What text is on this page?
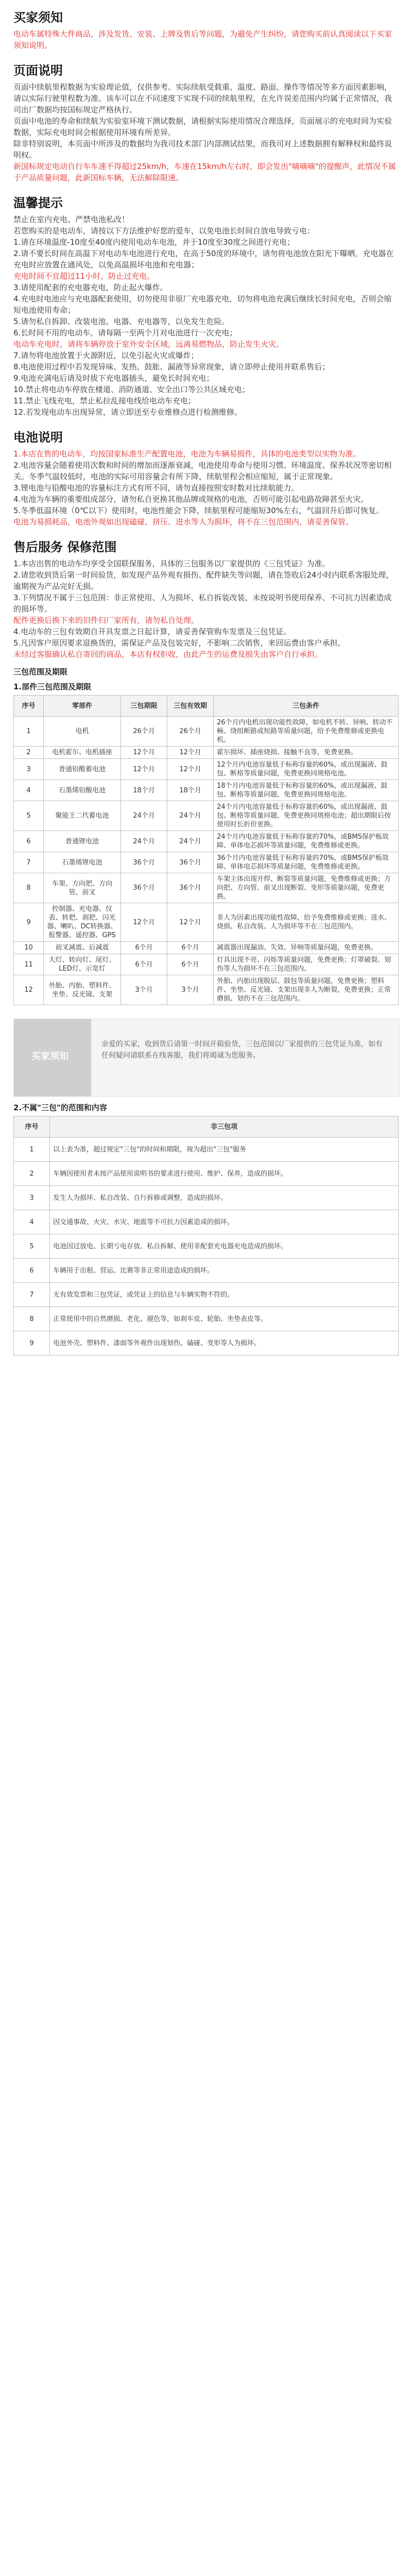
买家须知

电动车属特殊大件商品，涉及发货、安装、上牌及售后等问题，为避免产生纠纷，请您购买前认真阅读以下买家须知说明。

页面说明

页面中续航里程数据为实验理论值，仅供参考。实际续航受载重、温度、路面、操作等情况等多方面因素影响，请以实际行驶里程数为准。该车可以在不同速度下实现不同的续航里程，在允许误差范围内均属于正常情况，我司出厂数据均按国标规定严格执行。

页面中电池的寿命和续航为实验室环境下测试数据，请根据实际使用情况合理选择，页面展示的充电时间为实验数据，实际充电时间会根据使用环境有所差异。

除非特别说明，本页面中所涉及的数据均为我司技术部门内部测试结果，而我司对上述数据拥有解释权和最终说明权。

新国标规定电动自行车车速不得超过25km/h，车速在15km/h左右时，即会发出"嘀嘀嘀"的提醒声，此情况不属于产品质量问题，此新国标车辆，无法解除限速。

温馨提示

禁止在室内充电、严禁电池私改！

若您购买的是电动车，请按以下方法维护好您的爱车，以免电池长时间自放电导致亏电：

1.请在环境温度-10度至40度内使用电动车电池，并于10度至30度之间进行充电；

2.请不要长时间在高温下对电动车电池进行充电，在高于50度的环境中，请勿将电池放在阳光下曝晒，充电器在充电时应放置在通风处，以免高温损坏电池和充电器；

充电时间不宜超过11小时，防止过充电。

3.请使用配套的充电器充电，防止起火爆炸。

4.充电时电池应与充电器配套使用，切勿使用非原厂充电器充电，切勿将电池充满后继续长时间充电，否则会缩短电池使用寿命；

5.请勿私自拆卸、改装电池、电器、充电器等，以免发生危险。

6.长时间不用的电动车，请每隔一至两个月对电池进行一次充电；

电动车充电时，请将车辆停放于室外安全区域，远离易燃物品，防止发生火灾。

7.请勿将电池放置于火源附近，以免引起火灾或爆炸；

8.电池使用过程中若发现异味、发热、鼓胀、漏液等异常现象，请立即停止使用并联系售后；

9.电池充满电后请及时拔下充电器插头，避免长时间充电；

10.禁止将电动车停放在楼道、消防通道、安全出口等公共区域充电；

11.禁止飞线充电，禁止私拉乱接电线给电动车充电；

12.若发现电动车出现异常，请立即送至专业维修点进行检测维修。

电池说明

1.本店在售的电动车，均按国家标准生产配置电池，电池为车辆易损件，具体的电池类型以实物为准。

2.电池容量会随着使用次数和时间的增加而逐渐衰减，电池使用寿命与使用习惯、环境温度、保养状况等密切相关。冬季气温较低时，电池的实际可用容量会有所下降，续航里程会相应缩短，属于正常现象。

3.锂电池与铅酸电池的容量标注方式有所不同，请勿直接按照安时数对比续航能力。

4.电池为车辆的重要组成部分，请勿私自更换其他品牌或规格的电池，否则可能引起电路故障甚至火灾。

5.冬季低温环境（0℃以下）使用时，电池性能会下降，续航里程可能缩短30%左右，气温回升后即可恢复。

电池为易损耗品，电池外观如出现磕碰、挤压、进水等人为损坏，将不在三包范围内，请妥善保管。

售后服务 保修范围

1.本店出售的电动车均享受全国联保服务，具体的三包服务以厂家提供的《三包凭证》为准。

2.请您收到货后第一时间验货，如发现产品外观有损伤、配件缺失等问题，请在签收后24小时内联系客服处理，逾期视为产品完好无损。

3.下列情况不属于三包范围：非正常使用、人为损坏、私自拆装改装、未按说明书使用保养、不可抗力因素造成的损坏等。

配件更换后换下来的旧件归厂家所有，请勿私自处理。

4.电动车的三包有效期自开具发票之日起计算，请妥善保管购车发票及三包凭证。

5.凡因客户原因要求退换货的，需保证产品及包装完好，不影响二次销售，来回运费由客户承担。

未经过客服确认私自寄回的商品，本店有权拒收，由此产生的运费及损失由客户自行承担。

三包范围及期限
1.部件三包范围及期限
序号	零部件	三包期限	三包有效期	三包条件
1	电机	26个月	26个月	26个月内电机出现功能性故障，如电机不转、异响、转动不畅、绕组断路或短路等质量问题，给予免费维修或更换电机。
2	电机霍尔、电机插座	12个月	12个月	霍尔损坏、插座烧损、接触不良等，免费更换。
3	普通铅酸蓄电池	12个月	12个月	12个月内电池容量低于标称容量的60%，或出现漏液、鼓包、断格等质量问题，免费更换同规格电池。
4	石墨烯铅酸电池	18个月	18个月	18个月内电池容量低于标称容量的60%，或出现漏液、鼓包、断格等质量问题，免费更换同规格电池。
5	聚能王二代蓄电池	24个月	24个月	24个月内电池容量低于标称容量的60%，或出现漏液、鼓包、断格等质量问题，免费更换同规格电池；超出期限后按使用时长折价更换。
6	普通锂电池	24个月	24个月	24个月内电池容量低于标称容量的70%，或BMS保护板故障、单体电芯损坏等质量问题，免费维修或更换。
7	石墨烯锂电池	36个月	36个月	36个月内电池容量低于标称容量的70%，或BMS保护板故障、单体电芯损坏等质量问题，免费维修或更换。
8	车架、方向把、方向管、前叉	36个月	36个月	车架主体出现开焊、断裂等质量问题，免费维修或更换；方向把、方向管、前叉出现断裂、变形等质量问题，免费更换。
9	控制器、充电器、仪表、转把、刹把、闪光器、喇叭、DC转换器、报警器、遥控器、GPS	12个月	12个月	非人为因素出现功能性故障，给予免费维修或更换；进水、烧损、私自改装、人为损坏等不在三包范围内。
10	前叉减震、后减震	6个月	6个月	减震器出现漏油、失效、异响等质量问题，免费更换。
11	大灯、转向灯、尾灯、LED灯、示宽灯	6个月	6个月	灯具出现不亮、闪烁等质量问题，免费更换；灯罩破裂、划伤等人为损坏不在三包范围内。
12	外胎、内胎、塑料件、坐垫、反光镜、支架	3个月	3个月	外胎、内胎出现脱层、鼓包等质量问题，免费更换；塑料件、坐垫、反光镜、支架出现非人为断裂，免费更换；正常磨损、划伤不在三包范围内。
买家须知
亲爱的买家，收到货后请第一时间开箱验货，三包范围以厂家提供的三包凭证为准，如有任何疑问请联系在线客服，我们将竭诚为您服务。
2.不属"三包"的范围和内容
序号	非三包项
1	以上表为准，超过规定"三包"的时间和期限，视为超出"三包"服务
2	车辆因使用者未按产品使用说明书的要求进行使用、维护、保养，造成的损坏。
3	发生人为损坏、私自改装、自行拆修或调整，造成的损坏。
4	因交通事故、火灾、水灾、地震等不可抗力因素造成的损坏。
5	电池因过放电、长期亏电存放、私自拆解、使用非配套充电器充电造成的损坏。
6	车辆用于出租、营运、比赛等非正常用途造成的损坏。
7	无有效发票和三包凭证，或凭证上的信息与车辆实物不符的。
8	正常使用中的自然磨损、老化、褪色等，如刹车皮、轮胎、坐垫表皮等。
9	电池外壳、塑料件、漆面等外观件出现划伤、磕碰、变形等人为损坏。
